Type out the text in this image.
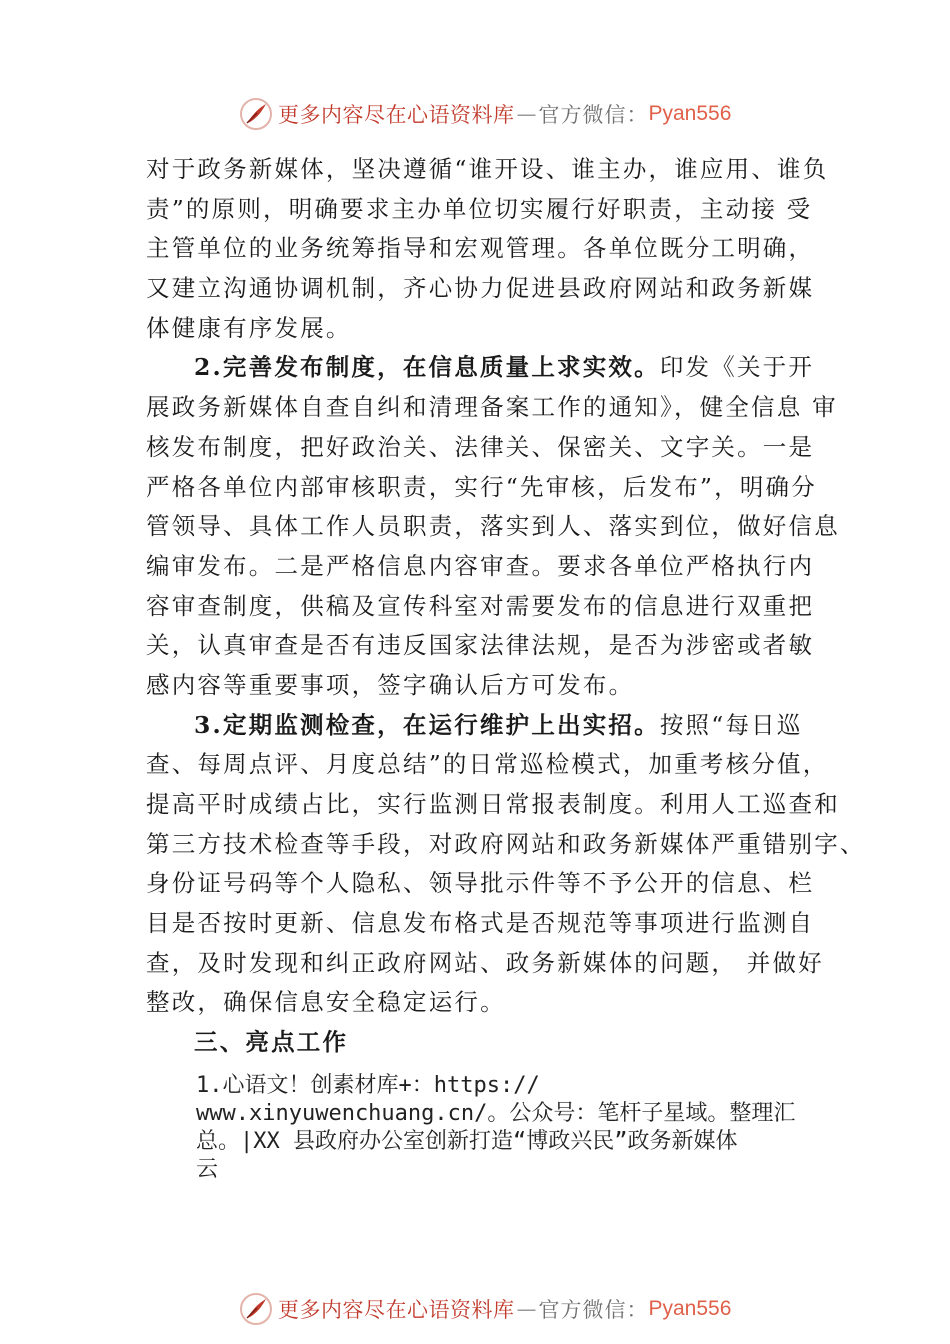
更多内容尽在心语资料库 — 官方微信： Pyan556
对于政务新媒体，坚决遵循“谁开设、谁主办，谁应用、谁负
责”的原则，明确要求主办单位切实履行好职责，主动接 受
主管单位的业务统筹指导和宏观管理。各单位既分工明确，
又建立沟通协调机制，齐心协力促进县政府网站和政务新媒
体健康有序发展。
2.完善发布制度，在信息质量上求实效。印发《关于开
展政务新媒体自查自纠和清理备案工作的通知》，健全信息 审
核发布制度，把好政治关、法律关、保密关、文字关。一是
严格各单位内部审核职责，实行“先审核，后发布”，明确分
管领导、具体工作人员职责，落实到人、落实到位，做好信息
编审发布。二是严格信息内容审查。要求各单位严格执行内
容审查制度，供稿及宣传科室对需要发布的信息进行双重把
关，认真审查是否有违反国家法律法规，是否为涉密或者敏
感内容等重要事项，签字确认后方可发布。
3.定期监测检查，在运行维护上出实招。按照“每日巡
查、每周点评、月度总结”的日常巡检模式，加重考核分值，
提高平时成绩占比，实行监测日常报表制度。利用人工巡查和
第三方技术检查等手段，对政府网站和政务新媒体严重错别字、
身份证号码等个人隐私、领导批示件等不予公开的信息、栏
目是否按时更新、信息发布格式是否规范等事项进行监测自
查，及时发现和纠正政府网站、政务新媒体的问题， 并做好
整改，确保信息安全稳定运行。
三、亮点工作
1.心语文！创素材库+：https://
www.xinyuwenchuang.cn/。公众号：笔杆子星域。整理汇
总。|XX 县政府办公室创新打造“博政兴民”政务新媒体
云
更多内容尽在心语资料库 — 官方微信： Pyan556
